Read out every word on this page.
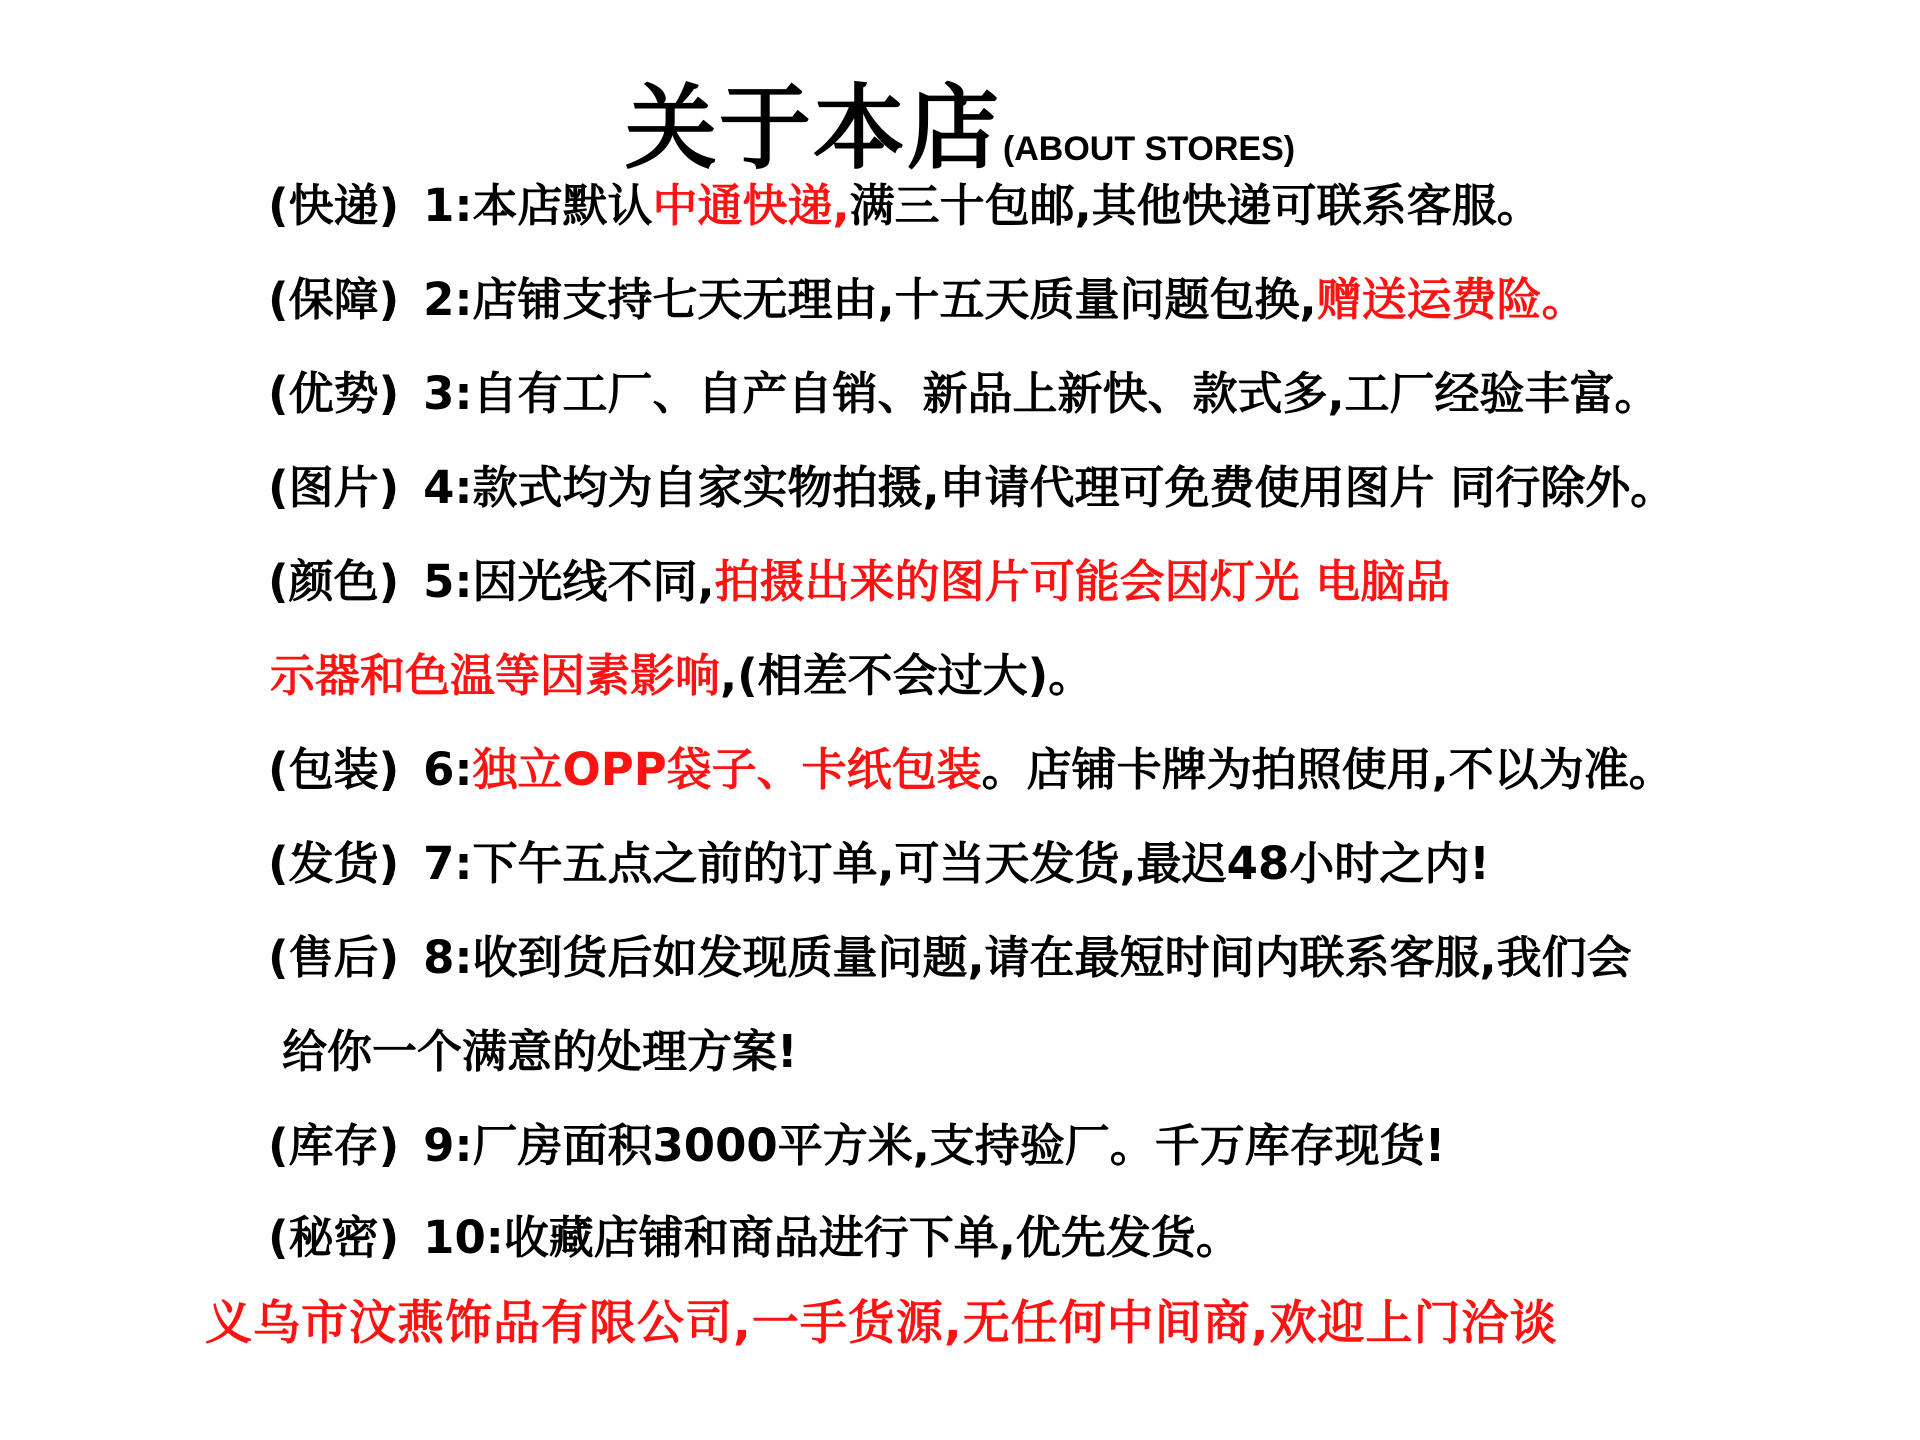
关于本店(ABOUT STORES)
(快递) 1:本店默认中通快递,满三十包邮,其他快递可联系客服。
(保障) 2:店铺支持七天无理由,十五天质量问题包换,赠送运费险。
(优势) 3:自有工厂、自产自销、新品上新快、款式多,工厂经验丰富。
(图片) 4:款式均为自家实物拍摄,申请代理可免费使用图片 同行除外。
(颜色) 5:因光线不同,拍摄出来的图片可能会因灯光 电脑品
示器和色温等因素影响,(相差不会过大)。
(包装) 6:独立OPP袋子、卡纸包装。店铺卡牌为拍照使用,不以为准。
(发货) 7:下午五点之前的订单,可当天发货,最迟48小时之内!
(售后) 8:收到货后如发现质量问题,请在最短时间内联系客服,我们会
给你一个满意的处理方案!
(库存) 9:厂房面积3000平方米,支持验厂。千万库存现货!
(秘密) 10:收藏店铺和商品进行下单,优先发货。
义乌市汶燕饰品有限公司,一手货源,无任何中间商,欢迎上门洽谈
